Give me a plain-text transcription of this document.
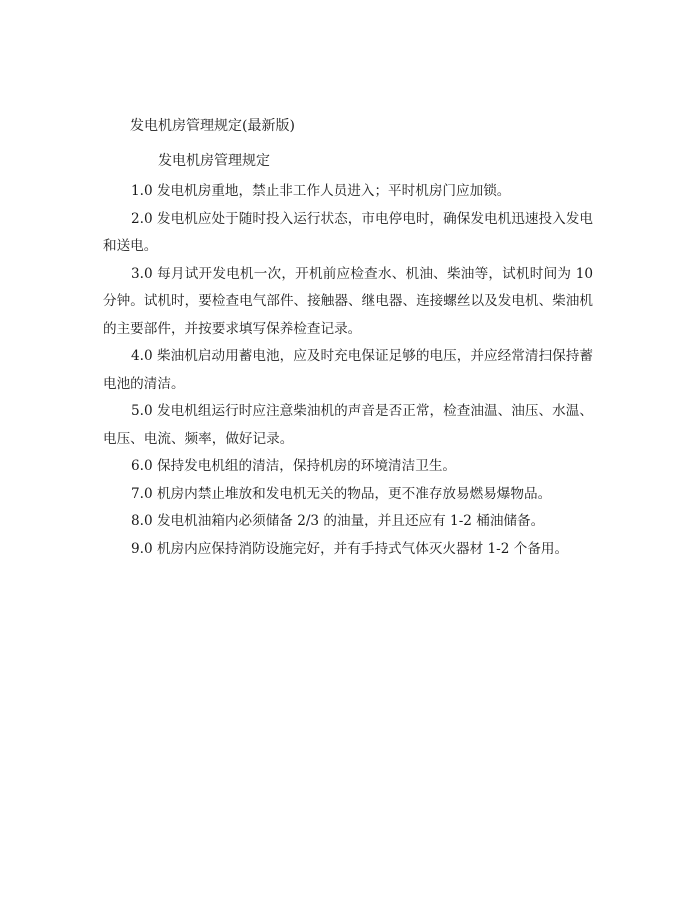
发电机房管理规定(最新版)
发电机房管理规定

1.0 发电机房重地，禁止非工作人员进入；平时机房门应加锁。

2.0 发电机应处于随时投入运行状态，市电停电时，确保发电机迅速投入发电和送电。

3.0 每月试开发电机一次，开机前应检查水、机油、柴油等，试机时间为 10 分钟。试机时，要检查电气部件、接触器、继电器、连接螺丝以及发电机、柴油机的主要部件，并按要求填写保养检查记录。

4.0 柴油机启动用蓄电池，应及时充电保证足够的电压，并应经常清扫保持蓄电池的清洁。

5.0 发电机组运行时应注意柴油机的声音是否正常，检查油温、油压、水温、电压、电流、频率，做好记录。

6.0 保持发电机组的清洁，保持机房的环境清洁卫生。

7.0 机房内禁止堆放和发电机无关的物品，更不准存放易燃易爆物品。

8.0 发电机油箱内必须储备 2/3 的油量，并且还应有 1-2 桶油储备。

9.0 机房内应保持消防设施完好，并有手持式气体灭火器材 1-2 个备用。
